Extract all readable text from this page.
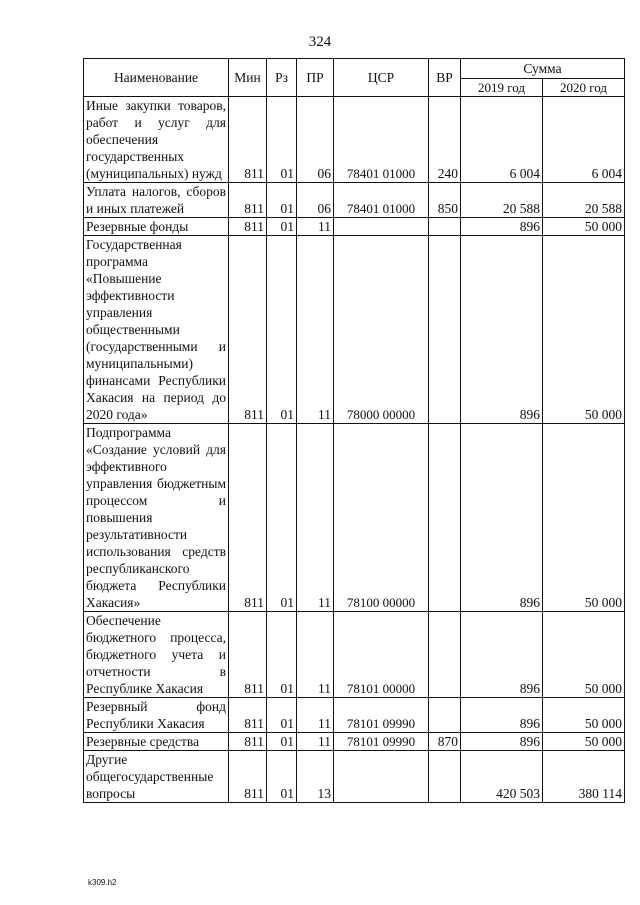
324
Наименование	Мин	Рз	ПР	ЦСР	ВР	Сумма	
						2019 год	2020 год
Иные закупки товаров, работ и услуг для обеспечения государственных (муниципальных) нужд	811	01	06	78401 01000	240	6 004	6 004
Уплата налогов, сборов и иных платежей	811	01	06	78401 01000	850	20 588	20 588
Резервные фонды	811	01	11			896	50 000
Государственная программа «Повышение эффективности управления общественными (государственными и муниципальными) финансами Республики Хакасия на период до 2020 года»	811	01	11	78000 00000		896	50 000
Подпрограмма «Создание условий для эффективного управления бюджетным процессом и повышения результативности использования средств республиканского бюджета Республики Хакасия»	811	01	11	78100 00000		896	50 000
Обеспечение бюджетного процесса, бюджетного учета и отчетности в Республике Хакасия	811	01	11	78101 00000		896	50 000
Резервный фонд Республики Хакасия	811	01	11	78101 09990		896	50 000
Резервные средства	811	01	11	78101 09990	870	896	50 000
Другие общегосударственные вопросы	811	01	13			420 503	380 114
k309.h2
